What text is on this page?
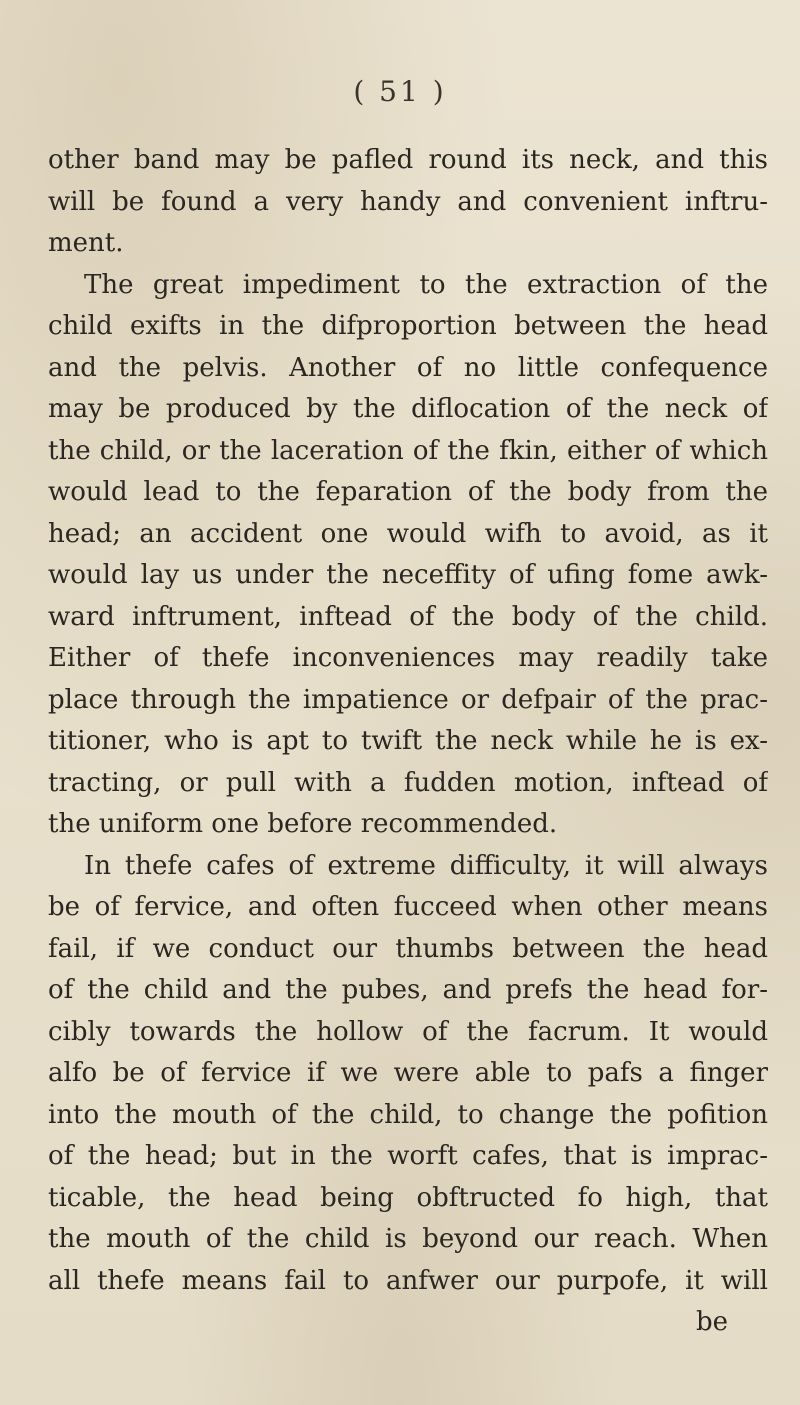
( 51 )
other band may be pafled round its neck, and this
will be found a very handy and convenient inftru-
ment.
The great impediment to the extraction of the
child exifts in the difproportion between the head
and the pelvis. Another of no little confequence
may be produced by the diflocation of the neck of
the child, or the laceration of the fkin, either of which
would lead to the feparation of the body from the
head; an accident one would wifh to avoid, as it
would lay us under the neceffity of ufing fome awk-
ward inftrument, inftead of the body of the child.
Either of thefe inconveniences may readily take
place through the impatience or defpair of the prac-
titioner, who is apt to twift the neck while he is ex-
tracting, or pull with a fudden motion, inftead of
the uniform one before recommended.
In thefe cafes of extreme difficulty, it will always
be of fervice, and often fucceed when other means
fail, if we conduct our thumbs between the head
of the child and the pubes, and prefs the head for-
cibly towards the hollow of the facrum. It would
alfo be of fervice if we were able to pafs a finger
into the mouth of the child, to change the pofition
of the head; but in the worft cafes, that is imprac-
ticable, the head being obftructed fo high, that
the mouth of the child is beyond our reach. When
all thefe means fail to anfwer our purpofe, it will
be
